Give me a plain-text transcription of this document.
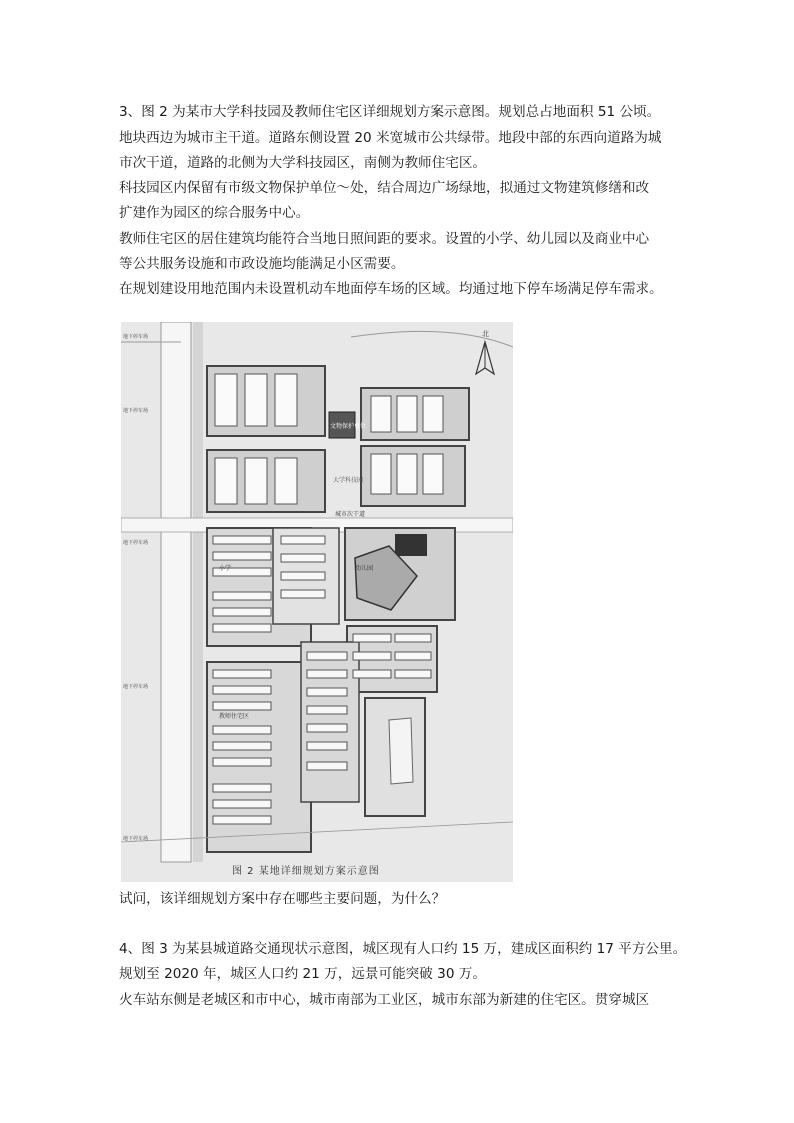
3、图 2 为某市大学科技园及教师住宅区详细规划方案示意图。规划总占地面积 51 公顷。

地块西边为城市主干道。道路东侧设置 20 米宽城市公共绿带。地段中部的东西向道路为城

市次干道，道路的北侧为大学科技园区，南侧为教师住宅区。

科技园区内保留有市级文物保护单位～处，结合周边广场绿地，拟通过文物建筑修缮和改

扩建作为园区的综合服务中心。

教师住宅区的居住建筑均能符合当地日照间距的要求。设置的小学、幼儿园以及商业中心

等公共服务设施和市政设施均能满足小区需要。

在规划建设用地范围内未设置机动车地面停车场的区域。均通过地下停车场满足停车需求。

文物保护单位
大学科技园
幼儿园
小学
教师住宅区
城市次干道
地下停车场
地下停车场
地下停车场
地下停车场
地下停车场
北
图 2 某地详细规划方案示意图

试问，该详细规划方案中存在哪些主要问题，为什么？

4、图 3 为某县城道路交通现状示意图，城区现有人口约 15 万，建成区面积约 17 平方公里。

规划至 2020 年，城区人口约 21 万，远景可能突破 30 万。

火车站东侧是老城区和市中心，城市南部为工业区，城市东部为新建的住宅区。贯穿城区
